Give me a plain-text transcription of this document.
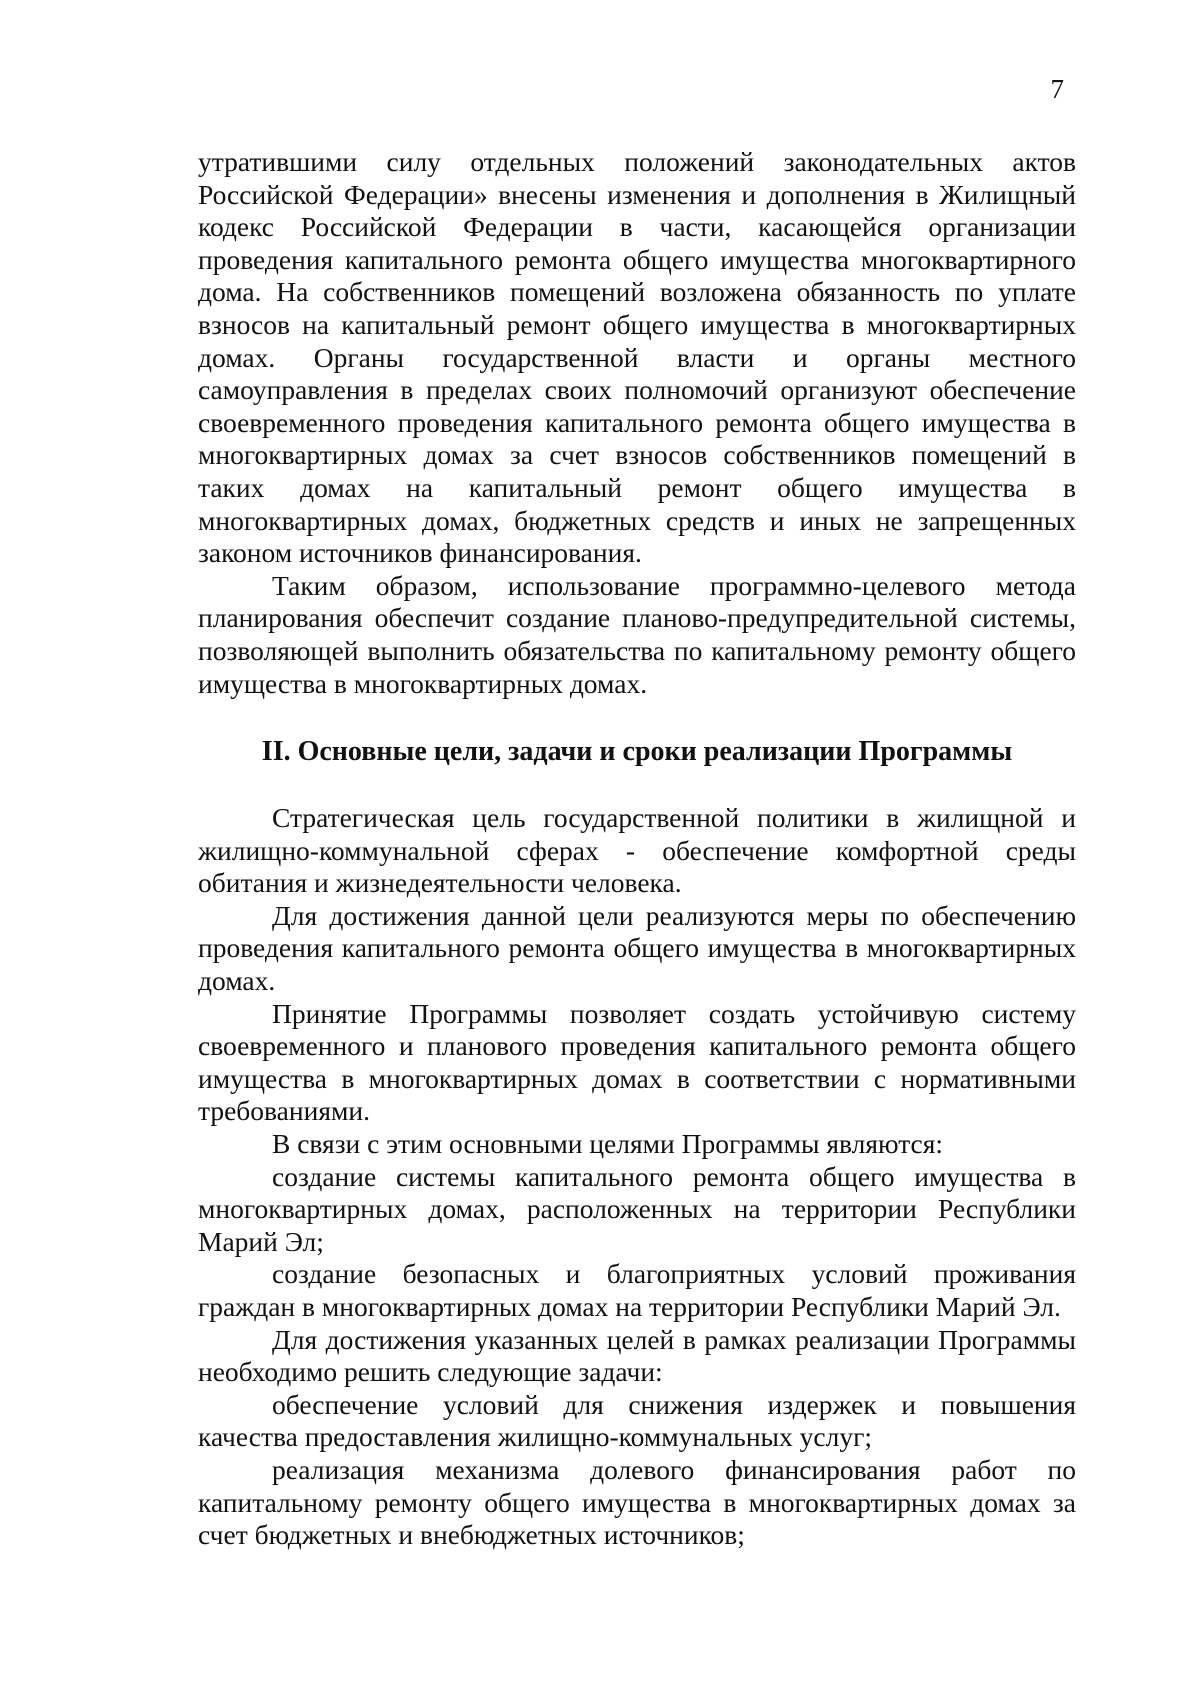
7

утратившими силу отдельных положений законодательных актов Российской Федерации» внесены изменения и дополнения в Жилищный кодекс Российской Федерации в части, касающейся организации проведения капитального ремонта общего имущества многоквартирного дома. На собственников помещений возложена обязанность по уплате взносов на капитальный ремонт общего имущества в многоквартирных домах. Органы государственной власти и органы местного самоуправления в пределах своих полномочий организуют обеспечение своевременного проведения капитального ремонта общего имущества в многоквартирных домах за счет взносов собственников помещений в таких домах на капитальный ремонт общего имущества в многоквартирных домах, бюджетных средств и иных не запрещенных законом источников финансирования.

Таким образом, использование программно-целевого метода планирования обеспечит создание планово-предупредительной системы, позволяющей выполнить обязательства по капитальному ремонту общего имущества в многоквартирных домах.

II. Основные цели, задачи и сроки реализации Программы

Стратегическая цель государственной политики в жилищной и жилищно-коммунальной сферах - обеспечение комфортной среды обитания и жизнедеятельности человека.

Для достижения данной цели реализуются меры по обеспечению проведения капитального ремонта общего имущества в многоквартирных домах.

Принятие Программы позволяет создать устойчивую систему своевременного и планового проведения капитального ремонта общего имущества в многоквартирных домах в соответствии с нормативными требованиями.

В связи с этим основными целями Программы являются:

создание системы капитального ремонта общего имущества в многоквартирных домах, расположенных на территории Республики Марий Эл;

создание безопасных и благоприятных условий проживания граждан в многоквартирных домах на территории Республики Марий Эл.

Для достижения указанных целей в рамках реализации Программы необходимо решить следующие задачи:

обеспечение условий для снижения издержек и повышения качества предоставления жилищно-коммунальных услуг;

реализация механизма долевого финансирования работ по капитальному ремонту общего имущества в многоквартирных домах за счет бюджетных и внебюджетных источников;
